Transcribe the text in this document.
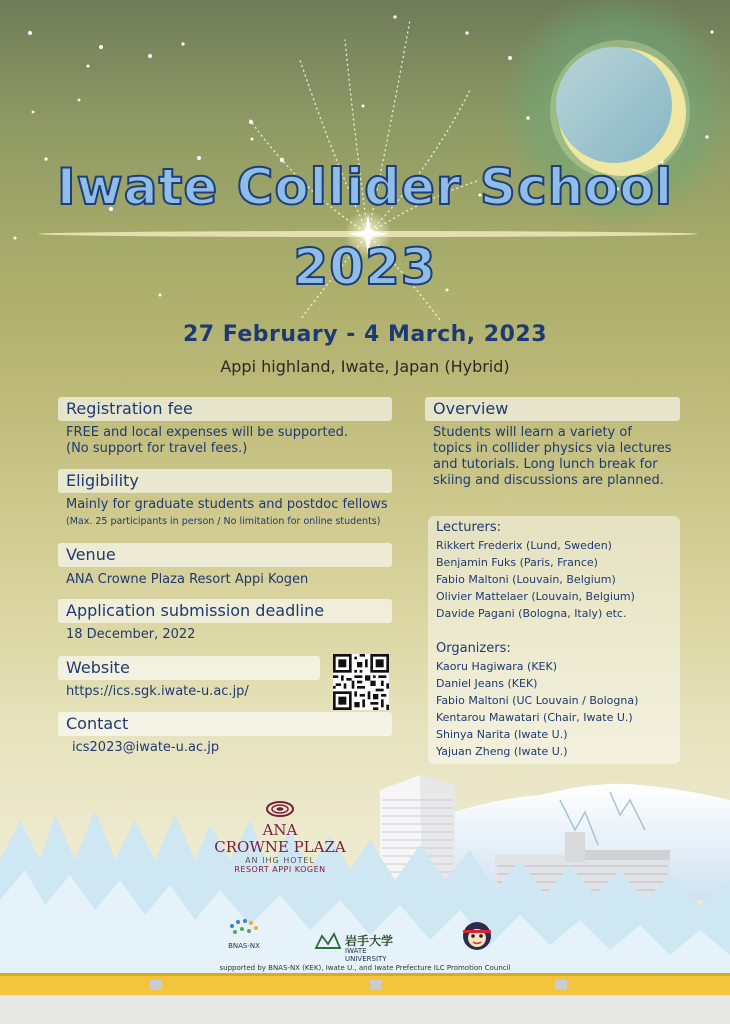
Iwate Collider School
2023
27 February - 4 March, 2023
Appi highland, Iwate, Japan (Hybrid)
Registration fee
FREE and local expenses will be supported.
(No support for travel fees.)
Eligibility
Mainly for graduate students and postdoc fellows
(Max. 25 participants in person / No limitation for online students)
Venue
ANA Crowne Plaza Resort Appi Kogen
Application submission deadline
18 December, 2022
Website
https://ics.sgk.iwate-u.ac.jp/
Contact
ics2023@iwate-u.ac.jp
Overview
Students will learn a variety of topics in collider physics via lectures and tutorials. Long lunch break for skiing and discussions are planned.
Lecturers:
Rikkert Frederix (Lund, Sweden)
Benjamin Fuks (Paris, France)
Fabio Maltoni (Louvain, Belgium)
Olivier Mattelaer (Louvain, Belgium)
Davide Pagani (Bologna, Italy) etc.
Organizers:
Kaoru Hagiwara (KEK)
Daniel Jeans (KEK)
Fabio Maltoni (UC Louvain / Bologna)
Kentarou Mawatari (Chair, Iwate U.)
Shinya Narita (Iwate U.)
Yajuan Zheng (Iwate U.)
ANA
CROWNE PLAZA
AN IHG HOTEL
RESORT APPI KOGEN
BNAS-NX	岩手大学
IWATE UNIVERSITY
supported by BNAS-NX (KEK), Iwate U., and Iwate Prefecture ILC Promotion Council
